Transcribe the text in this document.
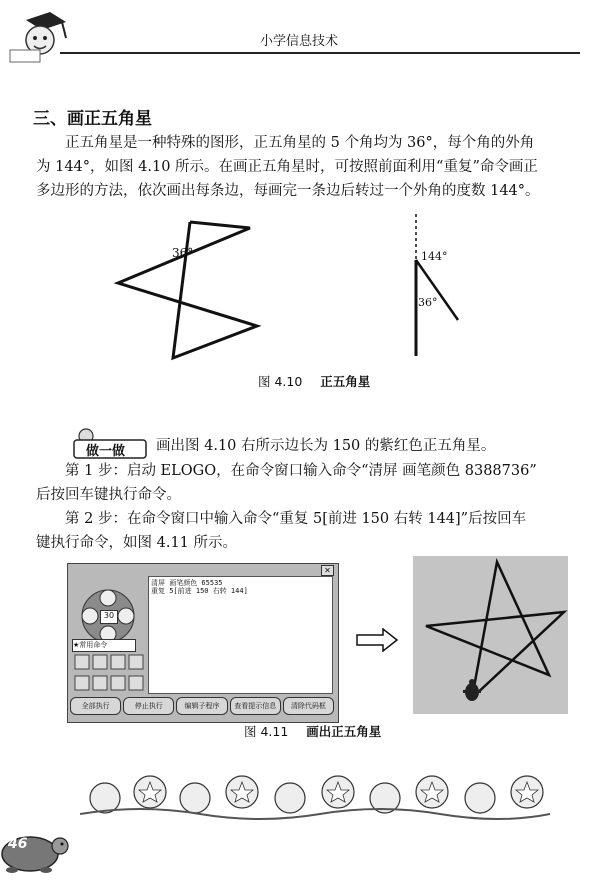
小学信息技术
三、画正五角星
正五角星是一种特殊的图形，正五角星的 5 个角均为 36°，每个角的外角
为 144°，如图 4.10 所示。在画正五角星时，可按照前面利用“重复”命令画正
多边形的方法，依次画出每条边，每画完一条边后转过一个外角的度数 144°。
36°	144°
36°
图 4.10 正五角星
做一做 画出图 4.10 右所示边长为 150 的紫红色正五角星。
第 1 步：启动 ELOGO，在命令窗口输入命令“清屏 画笔颜色 8388736”
后按回车键执行命令。
第 2 步：在命令窗口中输入命令“重复 5[前进 150 右转 144]”后按回车
键执行命令，如图 4.11 所示。
✕
30
★常用命令
清屏 画笔颜色 65535
重复 5[前进 150 右转 144]
全部执行	停止执行	编辑子程序	查看提示信息	清除代码框
图 4.11 画出正五角星
46
